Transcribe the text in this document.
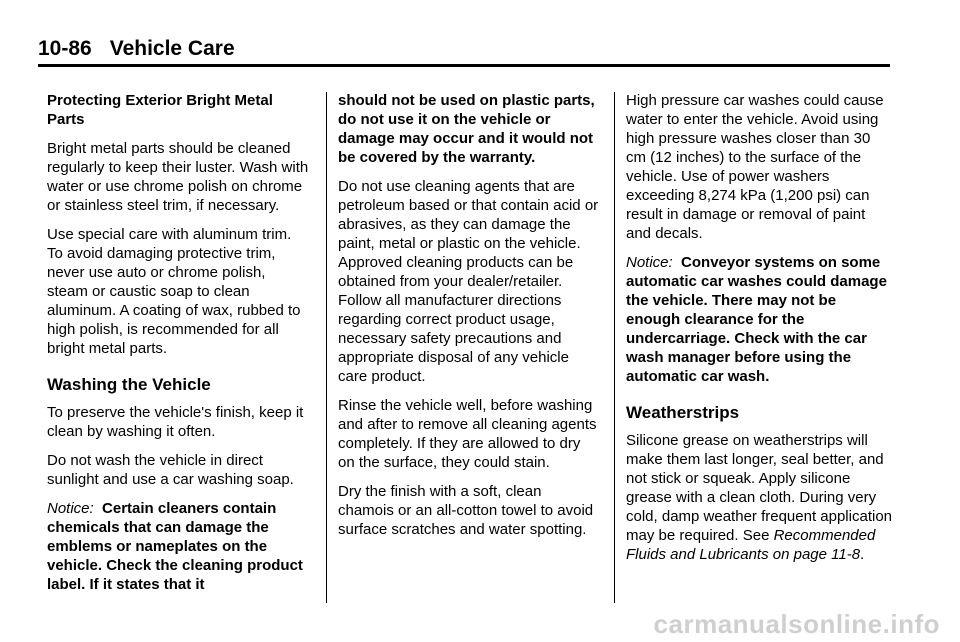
10-86 Vehicle Care

Protecting Exterior Bright Metal Parts

Bright metal parts should be cleaned regularly to keep their luster. Wash with water or use chrome polish on chrome or stainless steel trim, if necessary.

Use special care with aluminum trim. To avoid damaging protective trim, never use auto or chrome polish, steam or caustic soap to clean aluminum. A coating of wax, rubbed to high polish, is recommended for all bright metal parts.

Washing the Vehicle

To preserve the vehicle's finish, keep it clean by washing it often.

Do not wash the vehicle in direct sunlight and use a car washing soap.

Notice: Certain cleaners contain chemicals that can damage the emblems or nameplates on the vehicle. Check the cleaning product label. If it states that it

should not be used on plastic parts, do not use it on the vehicle or damage may occur and it would not be covered by the warranty.

Do not use cleaning agents that are petroleum based or that contain acid or abrasives, as they can damage the paint, metal or plastic on the vehicle. Approved cleaning products can be obtained from your dealer/retailer. Follow all manufacturer directions regarding correct product usage, necessary safety precautions and appropriate disposal of any vehicle care product.

Rinse the vehicle well, before washing and after to remove all cleaning agents completely. If they are allowed to dry on the surface, they could stain.

Dry the finish with a soft, clean chamois or an all-cotton towel to avoid surface scratches and water spotting.

High pressure car washes could cause water to enter the vehicle. Avoid using high pressure washes closer than 30 cm (12 inches) to the surface of the vehicle. Use of power washers exceeding 8,274 kPa (1,200 psi) can result in damage or removal of paint and decals.

Notice: Conveyor systems on some automatic car washes could damage the vehicle. There may not be enough clearance for the undercarriage. Check with the car wash manager before using the automatic car wash.

Weatherstrips

Silicone grease on weatherstrips will make them last longer, seal better, and not stick or squeak. Apply silicone grease with a clean cloth. During very cold, damp weather frequent application may be required. See Recommended Fluids and Lubricants on page 11-8.

carmanualsonline.info
